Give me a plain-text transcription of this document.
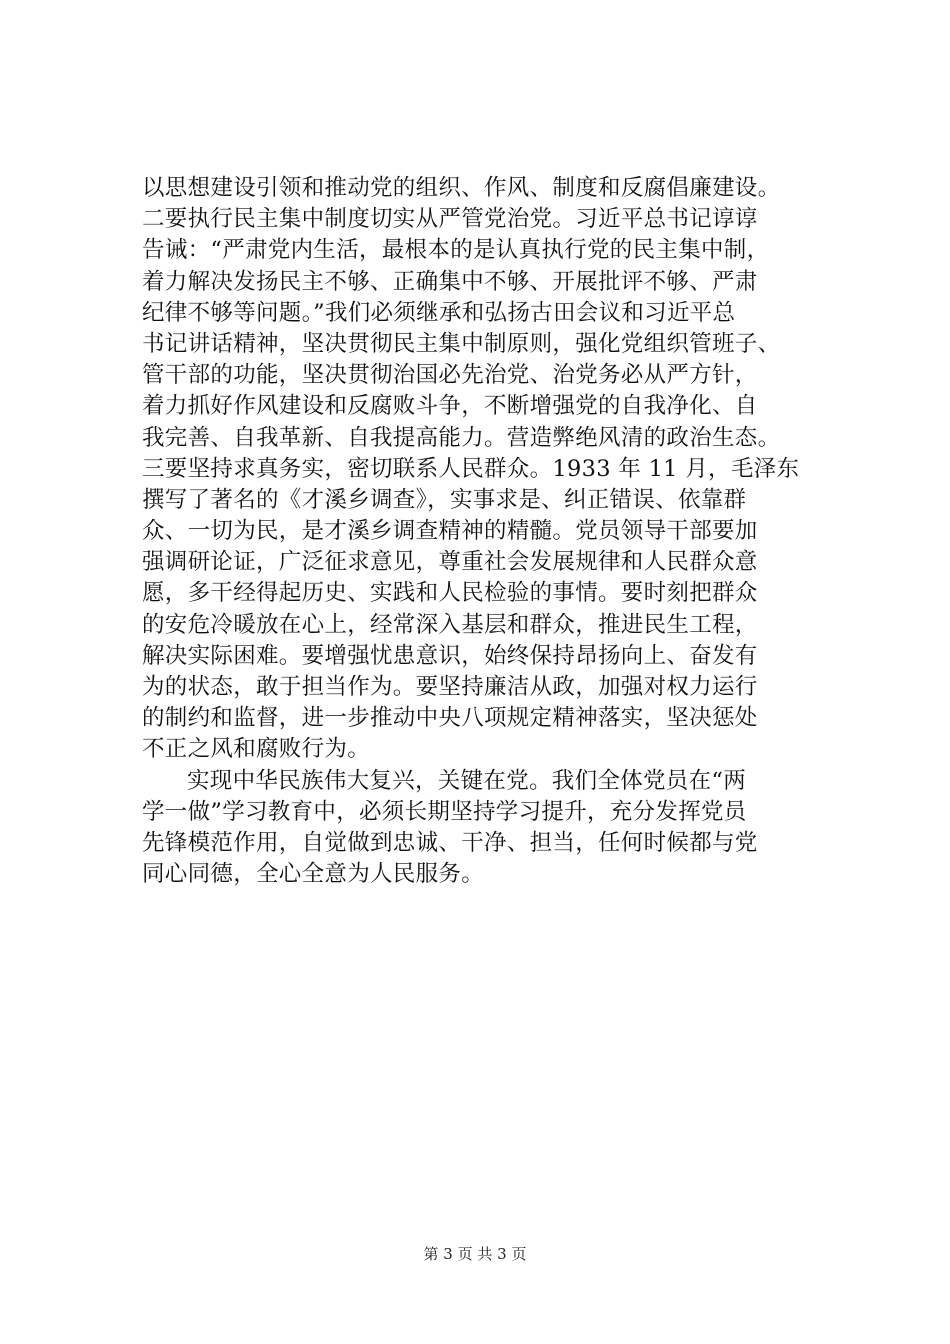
以思想建设引领和推动党的组织、作风、制度和反腐倡廉建设。
二要执行民主集中制度切实从严管党治党。习近平总书记谆谆
告诫：“严肃党内生活，最根本的是认真执行党的民主集中制，
着力解决发扬民主不够、正确集中不够、开展批评不够、严肃
纪律不够等问题。”我们必须继承和弘扬古田会议和习近平总
书记讲话精神，坚决贯彻民主集中制原则，强化党组织管班子、
管干部的功能，坚决贯彻治国必先治党、治党务必从严方针，
着力抓好作风建设和反腐败斗争，不断增强党的自我净化、自
我完善、自我革新、自我提高能力。营造弊绝风清的政治生态。
三要坚持求真务实，密切联系人民群众。1933 年 11 月，毛泽东
撰写了著名的《才溪乡调查》，实事求是、纠正错误、依靠群
众、一切为民，是才溪乡调查精神的精髓。党员领导干部要加
强调研论证，广泛征求意见，尊重社会发展规律和人民群众意
愿，多干经得起历史、实践和人民检验的事情。要时刻把群众
的安危冷暖放在心上，经常深入基层和群众，推进民生工程，
解决实际困难。要增强忧患意识，始终保持昂扬向上、奋发有
为的状态，敢于担当作为。要坚持廉洁从政，加强对权力运行
的制约和监督，进一步推动中央八项规定精神落实，坚决惩处
不正之风和腐败行为。
实现中华民族伟大复兴，关键在党。我们全体党员在“两
学一做”学习教育中，必须长期坚持学习提升，充分发挥党员
先锋模范作用，自觉做到忠诚、干净、担当，任何时候都与党
同心同德，全心全意为人民服务。
第 3 页 共 3 页
